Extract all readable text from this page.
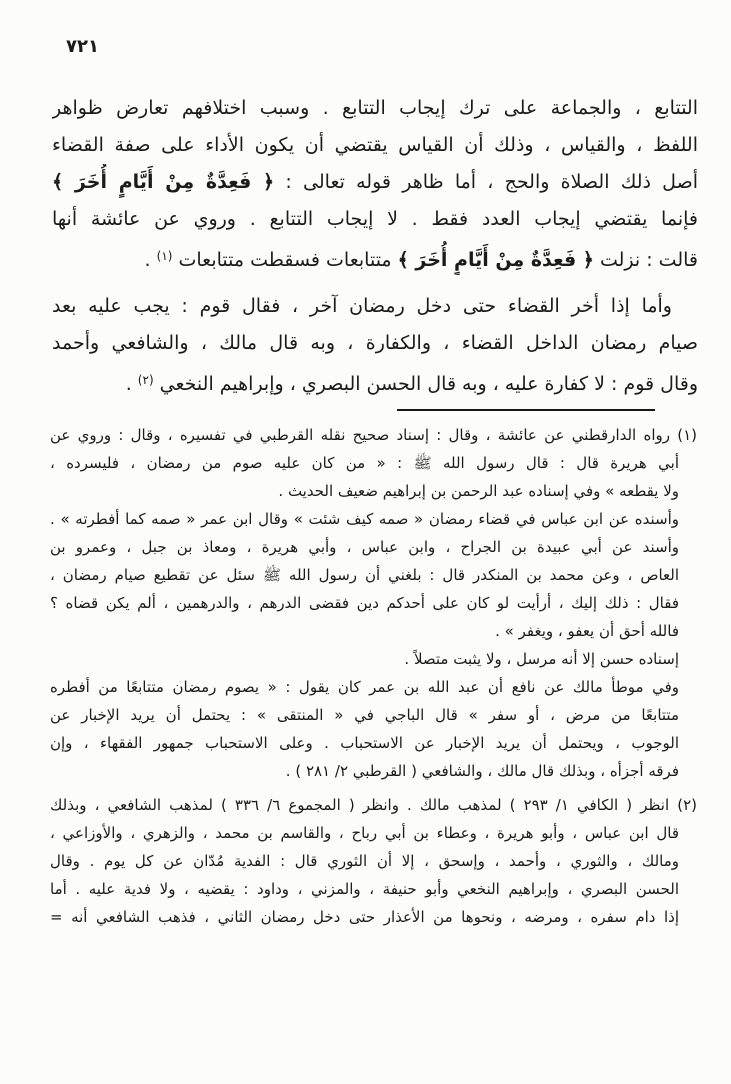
٧٢١
التتابع ، والجماعة على ترك إيجاب التتابع . وسبب اختلافهم تعارض ظواهر
اللفظ ، والقياس ، وذلك أن القياس يقتضي أن يكون الأداء على صفة القضاء
أصل ذلك الصلاة والحج ، أما ظاهر قوله تعالى : ﴿ فَعِدَّةٌ مِنْ أَيَّامٍ أُخَرَ ﴾
فإنما يقتضي إيجاب العدد فقط . لا إيجاب التتابع . وروي عن عائشة أنها
قالت : نزلت ﴿ فَعِدَّةٌ مِنْ أَيَّامٍ أُخَرَ ﴾ متتابعات فسقطت متتابعات $^{(١)}$ .
وأما إذا أخر القضاء حتى دخل رمضان آخر ، فقال قوم : يجب عليه بعد
صيام رمضان الداخل القضاء ، والكفارة ، وبه قال مالك ، والشافعي وأحمد
وقال قوم : لا كفارة عليه ، وبه قال الحسن البصري ، وإبراهيم النخعي $^{(٢)}$ .
(١) رواه الدارقطني عن عائشة ، وقال : إسناد صحيح نقله القرطبي في تفسيره ، وقال : وروي عن
أبي هريرة قال : قال رسول الله ﷺ : « من كان عليه صوم من رمضان ، فليسرده ،
ولا يقطعه » وفي إسناده عبد الرحمن بن إبراهيم ضعيف الحديث .
وأسنده عن ابن عباس في قضاء رمضان « صمه كيف شئت » وقال ابن عمر « صمه كما أفطرته » .
وأسند عن أبي عبيدة بن الجراح ، وابن عباس ، وأبي هريرة ، ومعاذ بن جبل ، وعمرو بن
العاص ، وعن محمد بن المنكدر قال : بلغني أن رسول الله ﷺ سئل عن تقطيع صيام رمضان ،
فقال : ذلك إليك ، أرأيت لو كان على أحدكم دين فقضى الدرهم ، والدرهمين ، ألم يكن قضاه ؟
فالله أحق أن يعفو ، ويغفر » .
إسناده حسن إلا أنه مرسل ، ولا يثبت متصلاً .
وفي موطأ مالك عن نافع أن عبد الله بن عمر كان يقول : « يصوم رمضان متتابعًا من أفطره
متتابعًا من مرض ، أو سفر » قال الباجي في « المنتقى » : يحتمل أن يريد الإخبار عن
الوجوب ، ويحتمل أن يريد الإخبار عن الاستحباب . وعلى الاستحباب جمهور الفقهاء ، وإن
فرقه أجزأه ، وبذلك قال مالك ، والشافعي ( القرطبي ٢/ ٢٨١ ) .
(٢) انظر ( الكافي ١/ ٢٩٣ ) لمذهب مالك . وانظر ( المجموع ٦/ ٣٣٦ ) لمذهب الشافعي ، وبذلك
قال ابن عباس ، وأبو هريرة ، وعطاء بن أبي رباح ، والقاسم بن محمد ، والزهري ، والأوزاعي ،
ومالك ، والثوري ، وأحمد ، وإسحق ، إلا أن الثوري قال : الفدية مُدّان عن كل يوم . وقال
الحسن البصري ، وإبراهيم النخعي وأبو حنيفة ، والمزني ، وداود : يقضيه ، ولا فدية عليه . أما
إذا دام سفره ، ومرضه ، ونحوها من الأعذار حتى دخل رمضان الثاني ، فذهب الشافعي أنه =
